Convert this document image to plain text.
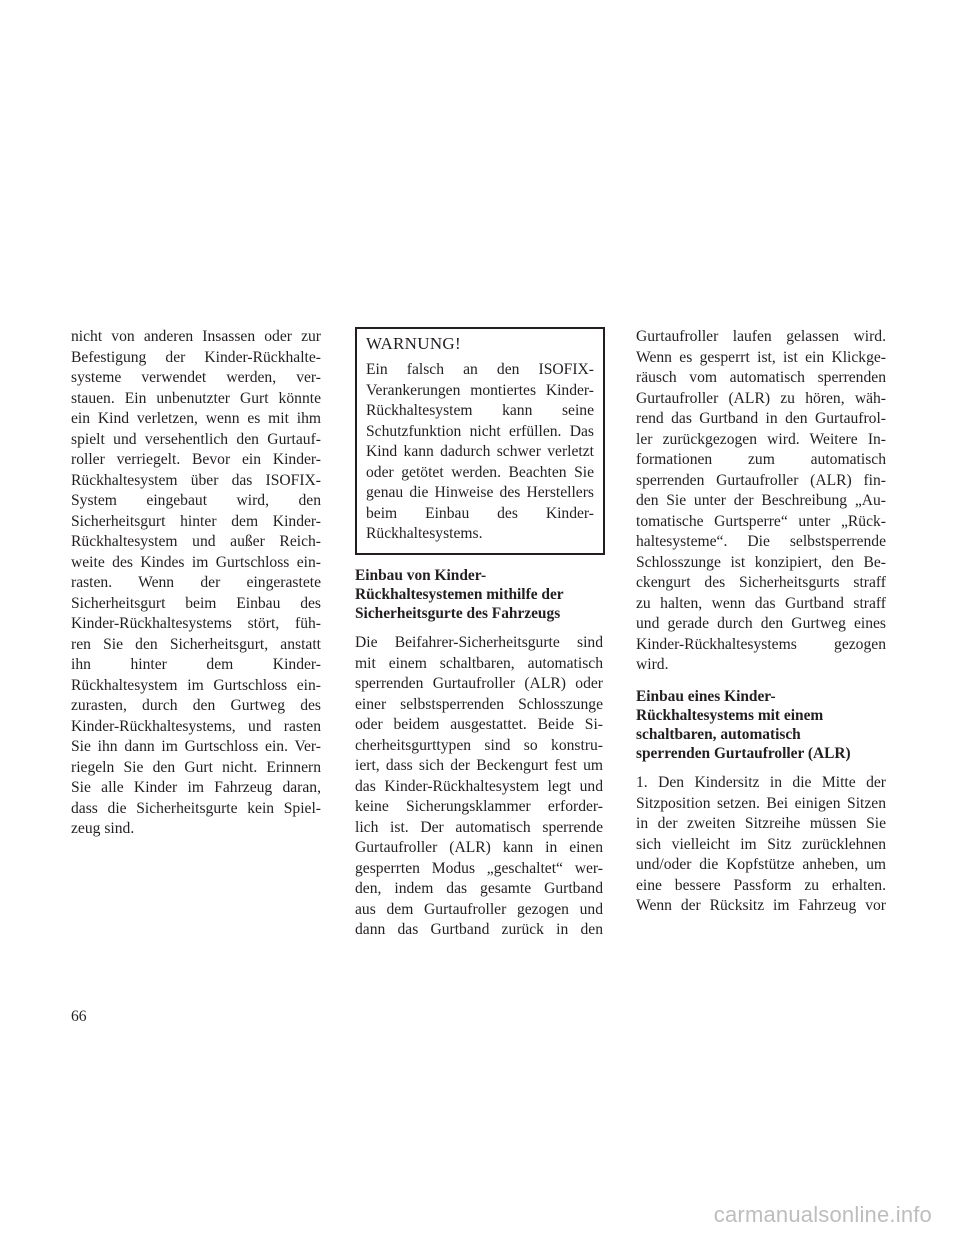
nicht von anderen Insassen oder zur
Befestigung der Kinder-Rückhalte-
systeme verwendet werden, ver-
stauen. Ein unbenutzter Gurt könnte
ein Kind verletzen, wenn es mit ihm
spielt und versehentlich den Gurtauf-
roller verriegelt. Bevor ein Kinder-
Rückhaltesystem über das ISOFIX-
System eingebaut wird, den
Sicherheitsgurt hinter dem Kinder-
Rückhaltesystem und außer Reich-
weite des Kindes im Gurtschloss ein-
rasten. Wenn der eingerastete
Sicherheitsgurt beim Einbau des
Kinder-Rückhaltesystems stört, füh-
ren Sie den Sicherheitsgurt, anstatt
ihn hinter dem Kinder-
Rückhaltesystem im Gurtschloss ein-
zurasten, durch den Gurtweg des
Kinder-Rückhaltesystems, und rasten
Sie ihn dann im Gurtschloss ein. Ver-
riegeln Sie den Gurt nicht. Erinnern
Sie alle Kinder im Fahrzeug daran,
dass die Sicherheitsgurte kein Spiel-
zeug sind.
WARNUNG!
Ein falsch an den ISOFIX-
Verankerungen montiertes Kinder-
Rückhaltesystem kann seine
Schutzfunktion nicht erfüllen. Das
Kind kann dadurch schwer verletzt
oder getötet werden. Beachten Sie
genau die Hinweise des Herstellers
beim Einbau des Kinder-
Rückhaltesystems.
Einbau von Kinder-
Rückhaltesystemen mithilfe der
Sicherheitsgurte des Fahrzeugs
Die Beifahrer-Sicherheitsgurte sind
mit einem schaltbaren, automatisch
sperrenden Gurtaufroller (ALR) oder
einer selbstsperrenden Schlosszunge
oder beidem ausgestattet. Beide Si-
cherheitsgurttypen sind so konstru-
iert, dass sich der Beckengurt fest um
das Kinder-Rückhaltesystem legt und
keine Sicherungsklammer erforder-
lich ist. Der automatisch sperrende
Gurtaufroller (ALR) kann in einen
gesperrten Modus „geschaltet“ wer-
den, indem das gesamte Gurtband
aus dem Gurtaufroller gezogen und
dann das Gurtband zurück in den
Gurtaufroller laufen gelassen wird.
Wenn es gesperrt ist, ist ein Klickge-
räusch vom automatisch sperrenden
Gurtaufroller (ALR) zu hören, wäh-
rend das Gurtband in den Gurtaufrol-
ler zurückgezogen wird. Weitere In-
formationen zum automatisch
sperrenden Gurtaufroller (ALR) fin-
den Sie unter der Beschreibung „Au-
tomatische Gurtsperre“ unter „Rück-
haltesysteme“. Die selbstsperrende
Schlosszunge ist konzipiert, den Be-
ckengurt des Sicherheitsgurts straff
zu halten, wenn das Gurtband straff
und gerade durch den Gurtweg eines
Kinder-Rückhaltesystems gezogen
wird.
Einbau eines Kinder-
Rückhaltesystems mit einem
schaltbaren, automatisch
sperrenden Gurtaufroller (ALR)
1. Den Kindersitz in die Mitte der
Sitzposition setzen. Bei einigen Sitzen
in der zweiten Sitzreihe müssen Sie
sich vielleicht im Sitz zurücklehnen
und/oder die Kopfstütze anheben, um
eine bessere Passform zu erhalten.
Wenn der Rücksitz im Fahrzeug vor
66
carmanualsonline.info
